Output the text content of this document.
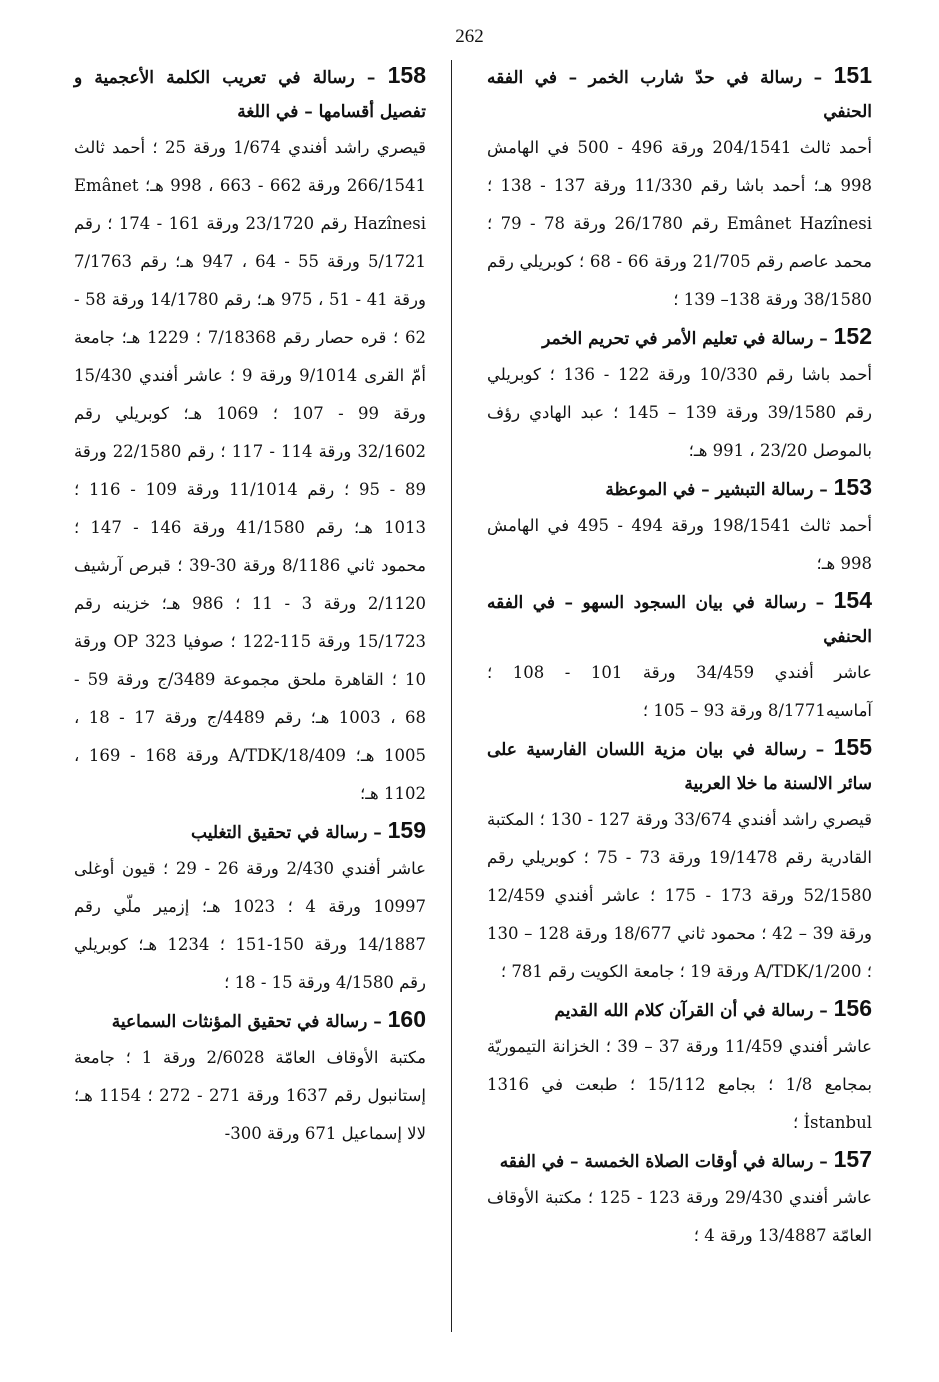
262

151 – رسالة في حدّ شارب الخمر – في الفقه الحنفي

أحمد ثالث 204/1541 ورقة 496 - 500 في الهامش 998 هـ؛ أحمد باشا رقم 11/330 ورقة 137 - 138 ؛ Emânet Hazînesi رقم 26/1780 ورقة 78 - 79 ؛ محمد عاصم رقم 21/705 ورقة 66 - 68 ؛ كوبريلي رقم 38/1580 ورقة 138– 139 ؛

152 – رسالة في تعليم الأمر في تحريم الخمر

أحمد باشا رقم 10/330 ورقة 122 - 136 ؛ كوبريلي رقم 39/1580 ورقة 139 – 145 ؛ عبد الهادي رؤف بالموصل 23/20 ، 991 هـ؛

153 – رسالة التبشير – في الموعظة

أحمد ثالث 198/1541 ورقة 494 - 495 في الهامش 998 هـ؛

154 – رسالة في بيان السجود السهو – في الفقه الحنفي

عاشر أفندي 34/459 ورقة 101 - 108 ؛ آماسيه8/1771 ورقة 93 – 105 ؛

155 – رسالة في بيان مزية اللسان الفارسية على سائر الالسنة ما خلا العربية

قيصري راشد أفندي 33/674 ورقة 127 - 130 ؛ المكتبة القادرية رقم 19/1478 ورقة 73 - 75 ؛ كوبريلي رقم 52/1580 ورقة 173 - 175 ؛ عاشر أفندي 12/459 ورقة 39 – 42 ؛ محمود ثاني 18/677 ورقة 128 – 130 ؛ 1/200/A/TDK ورقة 19 ؛ جامعة الكويت رقم 781 ؛

156 – رسالة في أن القرآن كلام الله القديم

عاشر أفندي 11/459 ورقة 37 – 39 ؛ الخزانة التيموريّة بمجامع 1/8 ؛ بجامع 15/112 ؛ طبعت في 1316 İstanbul ؛

157 – رسالة في أوقات الصلاة الخمسة – في الفقه

عاشر أفندي 29/430 ورقة 123 - 125 ؛ مكتبة الأوقاف العامّة 13/4887 ورقة 4 ؛

158 – رسالة في تعريب الكلمة الأعجمية و تفصيل أقسامها – في اللغة

قيصري راشد أفندي 1/674 ورقة 25 ؛ أحمد ثالث 266/1541 ورقة 662 - 663 ، 998 هـ؛ Emânet Hazînesi رقم 23/1720 ورقة 161 - 174 ؛ رقم 5/1721 ورقة 55 - 64 ، 947 هـ؛ رقم 7/1763 ورقة 41 - 51 ، 975 هـ؛ رقم 14/1780 ورقة 58 - 62 ؛ قره حصار رقم 7/18368 ؛ 1229 هـ؛ جامعة أمّ القرى 9/1014 ورقة 9 ؛ عاشر أفندي 15/430 ورقة 99 - 107 ؛ 1069 هـ؛ كوبريلي رقم 32/1602 ورقة 114 - 117 ؛ رقم 22/1580 ورقة 89 - 95 ؛ رقم 11/1014 ورقة 109 - 116 ؛ 1013 هـ؛ رقم 41/1580 ورقة 146 - 147 ؛ محمود ثاني 8/1186 ورقة 30-39 ؛ قبرص آرشيف 2/1120 ورقة 3 - 11 ؛ 986 هـ؛ خزينه رقم 15/1723 ورقة 115-122 ؛ صوفيا 323 OP ورقة 10 ؛ القاهرة ملحق مجموعة 3489/ج ورقة 59 - 68 ، 1003 هـ؛ رقم 4489/ج ورقة 17 - 18 ، 1005 هـ؛ 18/409/A/TDK ورقة 168 - 169 ، 1102 هـ؛

159 – رسالة في تحقيق التغليب

عاشر أفندي 2/430 ورقة 26 - 29 ؛ قيون أوغلى 10997 ورقة 4 ؛ 1023 هـ؛ إزمير ملّي رقم 14/1887 ورقة 150-151 ؛ 1234 هـ؛ كوبريلي رقم 4/1580 ورقة 15 - 18 ؛

160 – رسالة في تحقيق المؤنثات السماعية

مكتبة الأوقاف العامّة 2/6028 ورقة 1 ؛ جامعة إستانبول رقم 1637 ورقة 271 - 272 ؛ 1154 هـ؛ لالا إسماعيل 671 ورقة 300-
